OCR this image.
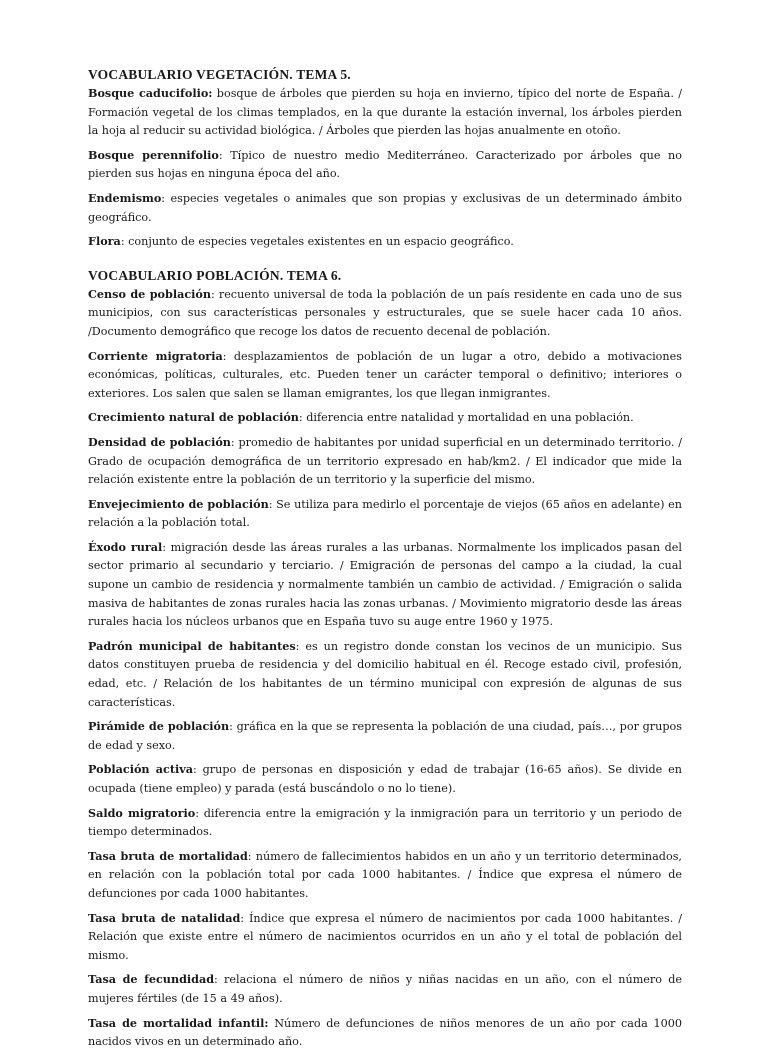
VOCABULARIO VEGETACIÓN. TEMA 5.

Bosque caducifolio: bosque de árboles que pierden su hoja en invierno, típico del norte de España. / Formación vegetal de los climas templados, en la que durante la estación invernal, los árboles pierden la hoja al reducir su actividad biológica. / Árboles que pierden las hojas anualmente en otoño.

Bosque perennifolio: Típico de nuestro medio Mediterráneo. Caracterizado por árboles que no pierden sus hojas en ninguna época del año.

Endemismo: especies vegetales o animales que son propias y exclusivas de un determinado ámbito geográfico.

Flora: conjunto de especies vegetales existentes en un espacio geográfico.

VOCABULARIO POBLACIÓN. TEMA 6.

Censo de población: recuento universal de toda la población de un país residente en cada uno de sus municipios, con sus características personales y estructurales, que se suele hacer cada 10 años. /Documento demográfico que recoge los datos de recuento decenal de población.

Corriente migratoria: desplazamientos de población de un lugar a otro, debido a motivaciones económicas, políticas, culturales, etc. Pueden tener un carácter temporal o definitivo; interiores o exteriores. Los salen que salen se llaman emigrantes, los que llegan inmigrantes.

Crecimiento natural de población: diferencia entre natalidad y mortalidad en una población.

Densidad de población: promedio de habitantes por unidad superficial en un determinado territorio. / Grado de ocupación demográfica de un territorio expresado en hab/km2. / El indicador que mide la relación existente entre la población de un territorio y la superficie del mismo.

Envejecimiento de población: Se utiliza para medirlo el porcentaje de viejos (65 años en adelante) en relación a la población total.

Éxodo rural: migración desde las áreas rurales a las urbanas. Normalmente los implicados pasan del sector primario al secundario y terciario. / Emigración de personas del campo a la ciudad, la cual supone un cambio de residencia y normalmente también un cambio de actividad. / Emigración o salida masiva de habitantes de zonas rurales hacia las zonas urbanas. / Movimiento migratorio desde las áreas rurales hacia los núcleos urbanos que en España tuvo su auge entre 1960 y 1975.

Padrón municipal de habitantes: es un registro donde constan los vecinos de un municipio. Sus datos constituyen prueba de residencia y del domicilio habitual en él. Recoge estado civil, profesión, edad, etc. / Relación de los habitantes de un término municipal con expresión de algunas de sus características.

Pirámide de población: gráfica en la que se representa la población de una ciudad, país…, por grupos de edad y sexo.

Población activa: grupo de personas en disposición y edad de trabajar (16-65 años). Se divide en ocupada (tiene empleo) y parada (está buscándolo o no lo tiene).

Saldo migratorio: diferencia entre la emigración y la inmigración para un territorio y un periodo de tiempo determinados.

Tasa bruta de mortalidad: número de fallecimientos habidos en un año y un territorio determinados, en relación con la población total por cada 1000 habitantes. / Índice que expresa el número de defunciones por cada 1000 habitantes.

Tasa bruta de natalidad: Índice que expresa el número de nacimientos por cada 1000 habitantes. / Relación que existe entre el número de nacimientos ocurridos en un año y el total de población del mismo.

Tasa de fecundidad: relaciona el número de niños y niñas nacidas en un año, con el número de mujeres fértiles (de 15 a 49 años).

Tasa de mortalidad infantil: Número de defunciones de niños menores de un año por cada 1000 nacidos vivos en un determinado año.
